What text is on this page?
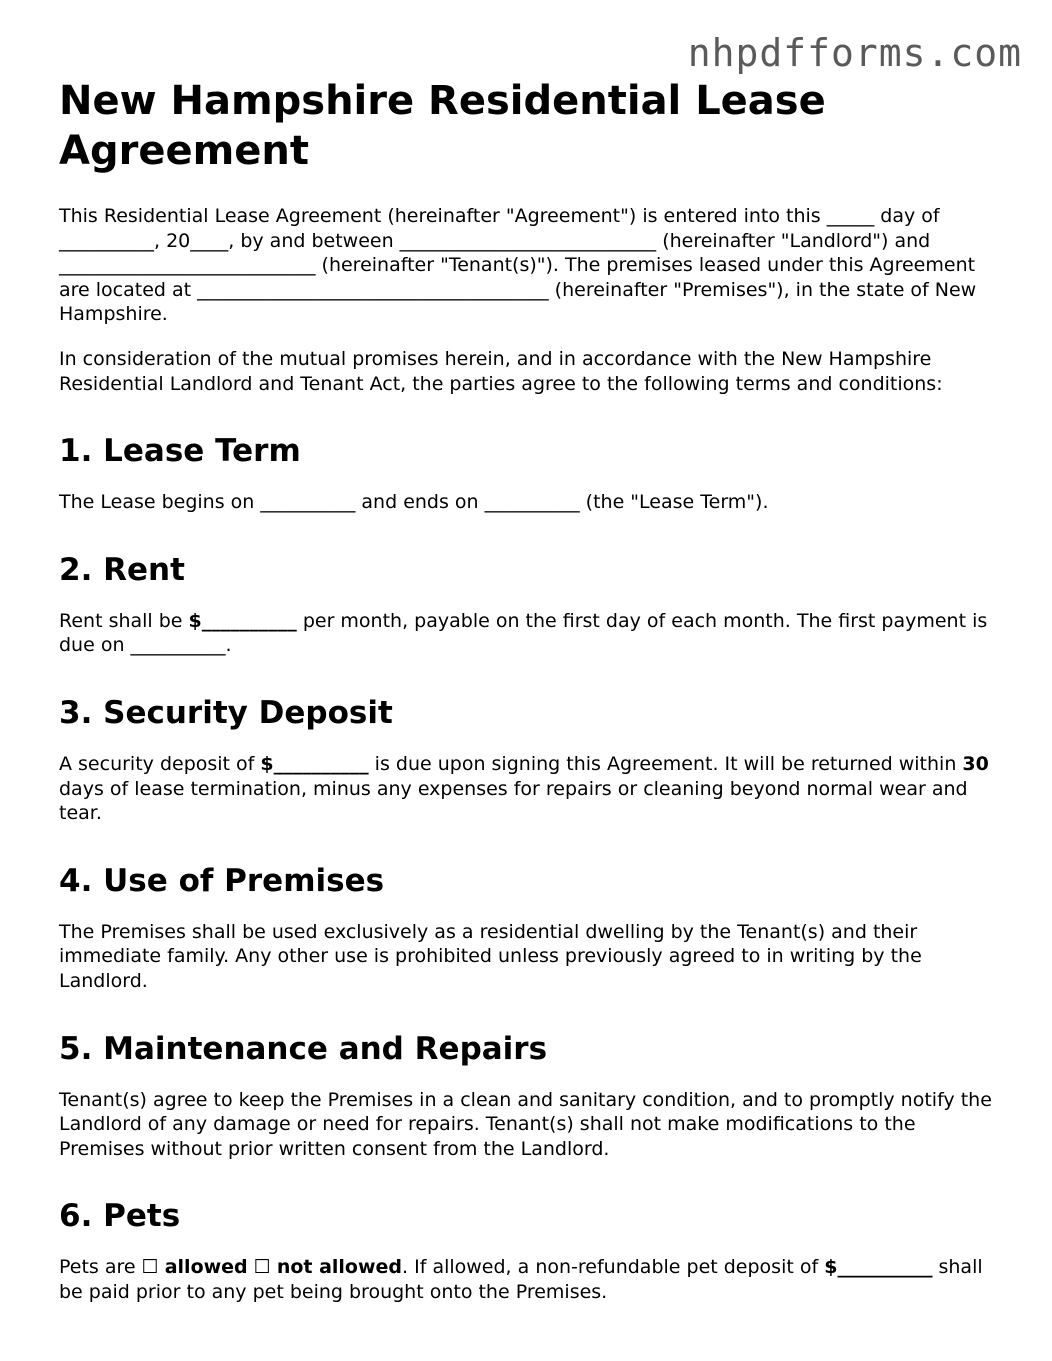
nhpdfforms.com
New Hampshire Residential Lease Agreement

This Residential Lease Agreement (hereinafter "Agreement") is entered into this _____ day of __________, 20____, by and between ___________________________ (hereinafter "Landlord") and ___________________________ (hereinafter "Tenant(s)"). The premises leased under this Agreement are located at _____________________________________ (hereinafter "Premises"), in the state of New Hampshire.

In consideration of the mutual promises herein, and in accordance with the New Hampshire Residential Landlord and Tenant Act, the parties agree to the following terms and conditions:

1. Lease Term

The Lease begins on __________ and ends on __________ (the "Lease Term").

2. Rent

Rent shall be $__________ per month, payable on the first day of each month. The first payment is due on __________.

3. Security Deposit

A security deposit of $__________ is due upon signing this Agreement. It will be returned within 30 days of lease termination, minus any expenses for repairs or cleaning beyond normal wear and tear.

4. Use of Premises

The Premises shall be used exclusively as a residential dwelling by the Tenant(s) and their immediate family. Any other use is prohibited unless previously agreed to in writing by the Landlord.

5. Maintenance and Repairs

Tenant(s) agree to keep the Premises in a clean and sanitary condition, and to promptly notify the Landlord of any damage or need for repairs. Tenant(s) shall not make modifications to the Premises without prior written consent from the Landlord.

6. Pets

Pets are ☐ allowed ☐ not allowed. If allowed, a non-refundable pet deposit of $__________ shall be paid prior to any pet being brought onto the Premises.
